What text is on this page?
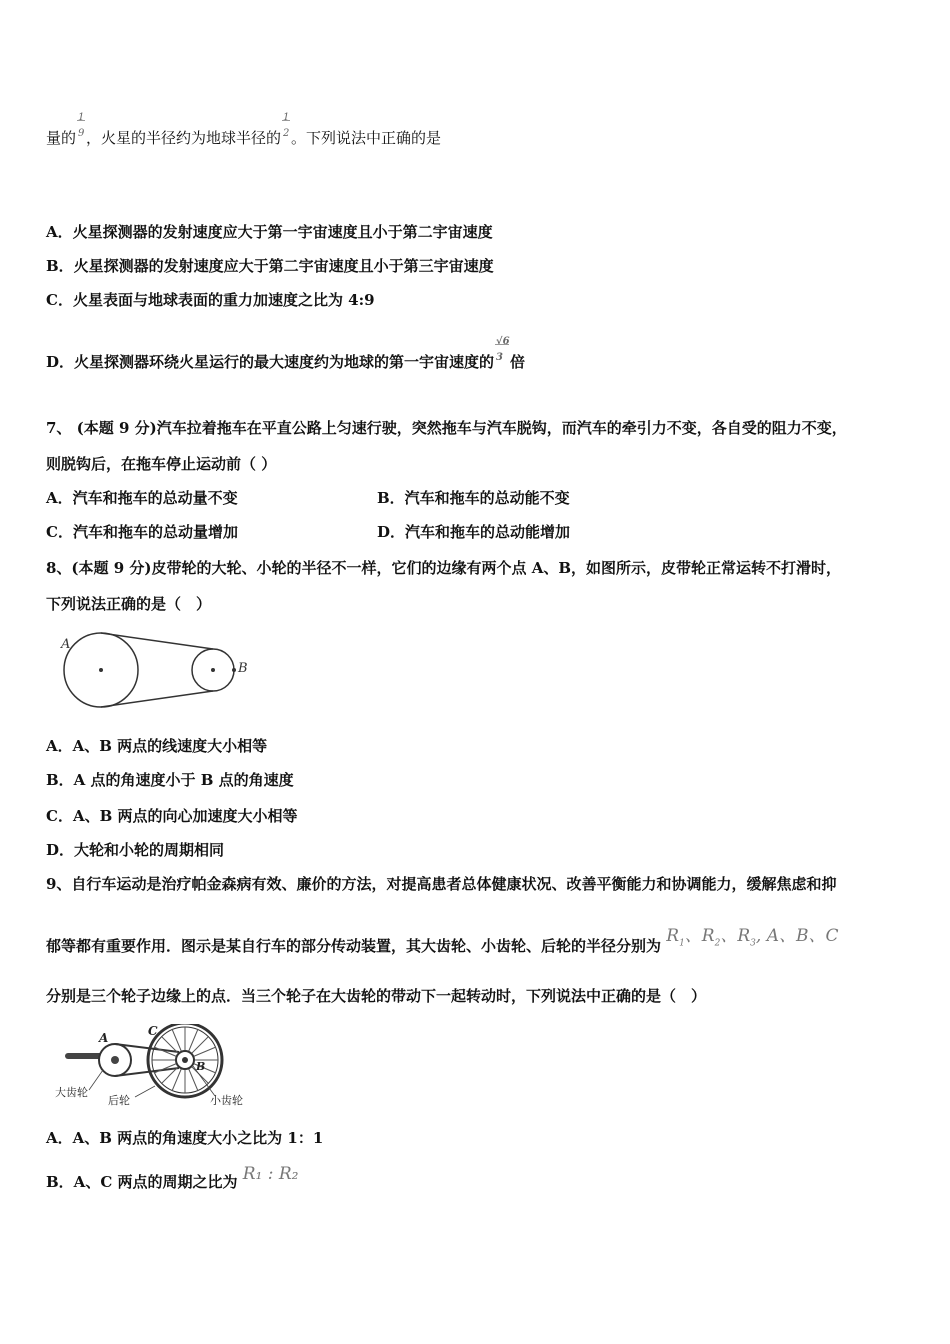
量的 $\frac{1}{9}$ ，火星的半径约为地球半径的 $\frac{1}{2}$ 。下列说法中正确的是
A．火星探测器的发射速度应大于第一宇宙速度且小于第二宇宙速度
B．火星探测器的发射速度应大于第二宇宙速度且小于第三宇宙速度
C．火星表面与地球表面的重力加速度之比为 4:9
D．火星探测器环绕火星运行的最大速度约为地球的第一宇宙速度的 $\frac{√6}{3}$ 倍
7、 (本题 9 分)汽车拉着拖车在平直公路上匀速行驶，突然拖车与汽车脱钩，而汽车的牵引力不变，各自受的阻力不变，
则脱钩后，在拖车停止运动前（ ）
A．汽车和拖车的总动量不变	B．汽车和拖车的总动能不变
C．汽车和拖车的总动量增加	D．汽车和拖车的总动能增加
8、(本题 9 分)皮带轮的大轮、小轮的半径不一样，它们的边缘有两个点 A、B，如图所示，皮带轮正常运转不打滑时，
下列说法正确的是（　）
A
B
A．A、B 两点的线速度大小相等
B．A 点的角速度小于 B 点的角速度
C．A、B 两点的向心加速度大小相等
D．大轮和小轮的周期相同
9、自行车运动是治疗帕金森病有效、廉价的方法，对提高患者总体健康状况、改善平衡能力和协调能力，缓解焦虑和抑
郁等都有重要作用．图示是某自行车的部分传动装置，其大齿轮、小齿轮、后轮的半径分别为 $R_1$、$R_2$、$R_3$, A、B、C
分别是三个轮子边缘上的点．当三个轮子在大齿轮的带动下一起转动时，下列说法中正确的是（　）
A	C
B
大齿轮
后轮	小齿轮
A．A、B 两点的角速度大小之比为 1：1
B．A、C 两点的周期之比为 R₁ : R₂
